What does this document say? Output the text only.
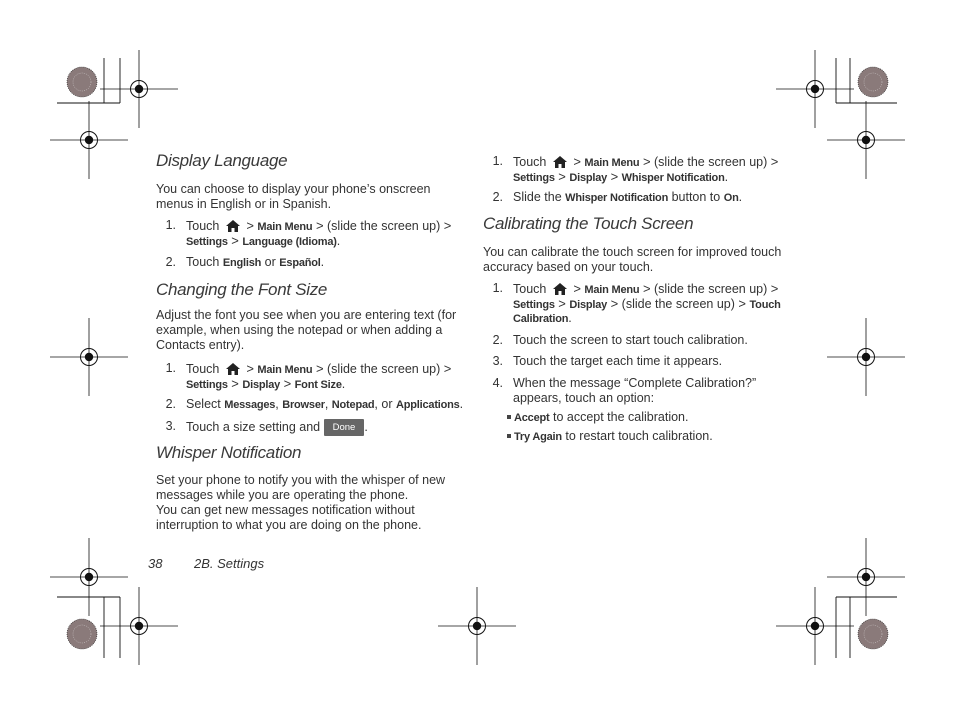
Display Language
You can choose to display your phone’s onscreen
menus in English or in Spanish.
1. Touch > Main Menu > (slide the screen up) >
Settings > Language (Idioma).
2. Touch English or Español.
Changing the Font Size
Adjust the font you see when you are entering text (for
example, when using the notepad or when adding a
Contacts entry).
1. Touch > Main Menu > (slide the screen up) >
Settings > Display > Font Size.
2. Select Messages, Browser, Notepad, or Applications.
3. Touch a size setting and Done .
Whisper Notification
Set your phone to notify you with the whisper of new
messages while you are operating the phone.
You can get new messages notification without
interruption to what you are doing on the phone.
38 2B. Settings
1. Touch > Main Menu > (slide the screen up) >
Settings > Display > Whisper Notification.
2. Slide the Whisper Notification button to On.
Calibrating the Touch Screen
You can calibrate the touch screen for improved touch
accuracy based on your touch.
1. Touch > Main Menu > (slide the screen up) >
Settings > Display > (slide the screen up) > Touch
Calibration.
2. Touch the screen to start touch calibration.
3. Touch the target each time it appears.
4. When the message “Complete Calibration?”
appears, touch an option:
Accept to accept the calibration.
Try Again to restart touch calibration.
